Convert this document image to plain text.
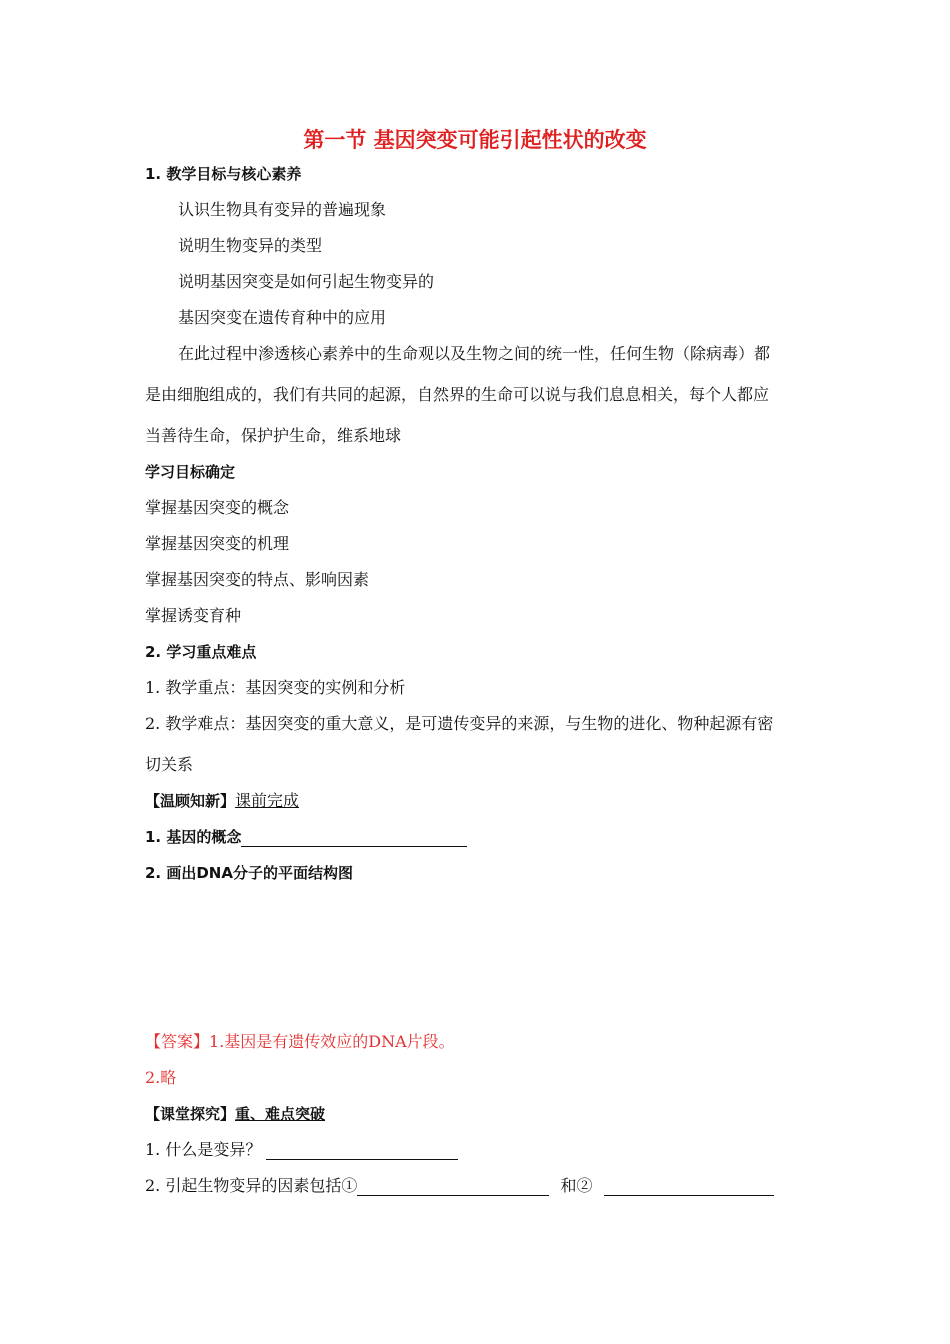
第一节 基因突变可能引起性状的改变
1. 教学目标与核心素养
认识生物具有变异的普遍现象
说明生物变异的类型
说明基因突变是如何引起生物变异的
基因突变在遗传育种中的应用
在此过程中渗透核心素养中的生命观以及生物之间的统一性，任何生物（除病毒）都
是由细胞组成的，我们有共同的起源，自然界的生命可以说与我们息息相关，每个人都应
当善待生命，保护护生命，维系地球
学习目标确定
掌握基因突变的概念
掌握基因突变的机理
掌握基因突变的特点、影响因素
掌握诱变育种
2. 学习重点难点
1. 教学重点：基因突变的实例和分析
2. 教学难点：基因突变的重大意义，是可遗传变异的来源，与生物的进化、物种起源有密
切关系
【温顾知新】课前完成
1. 基因的概念
2. 画出DNA分子的平面结构图
【答案】1.基因是有遗传效应的DNA片段。
2.略
【课堂探究】重、难点突破
1. 什么是变异？
2. 引起生物变异的因素包括①	和②
